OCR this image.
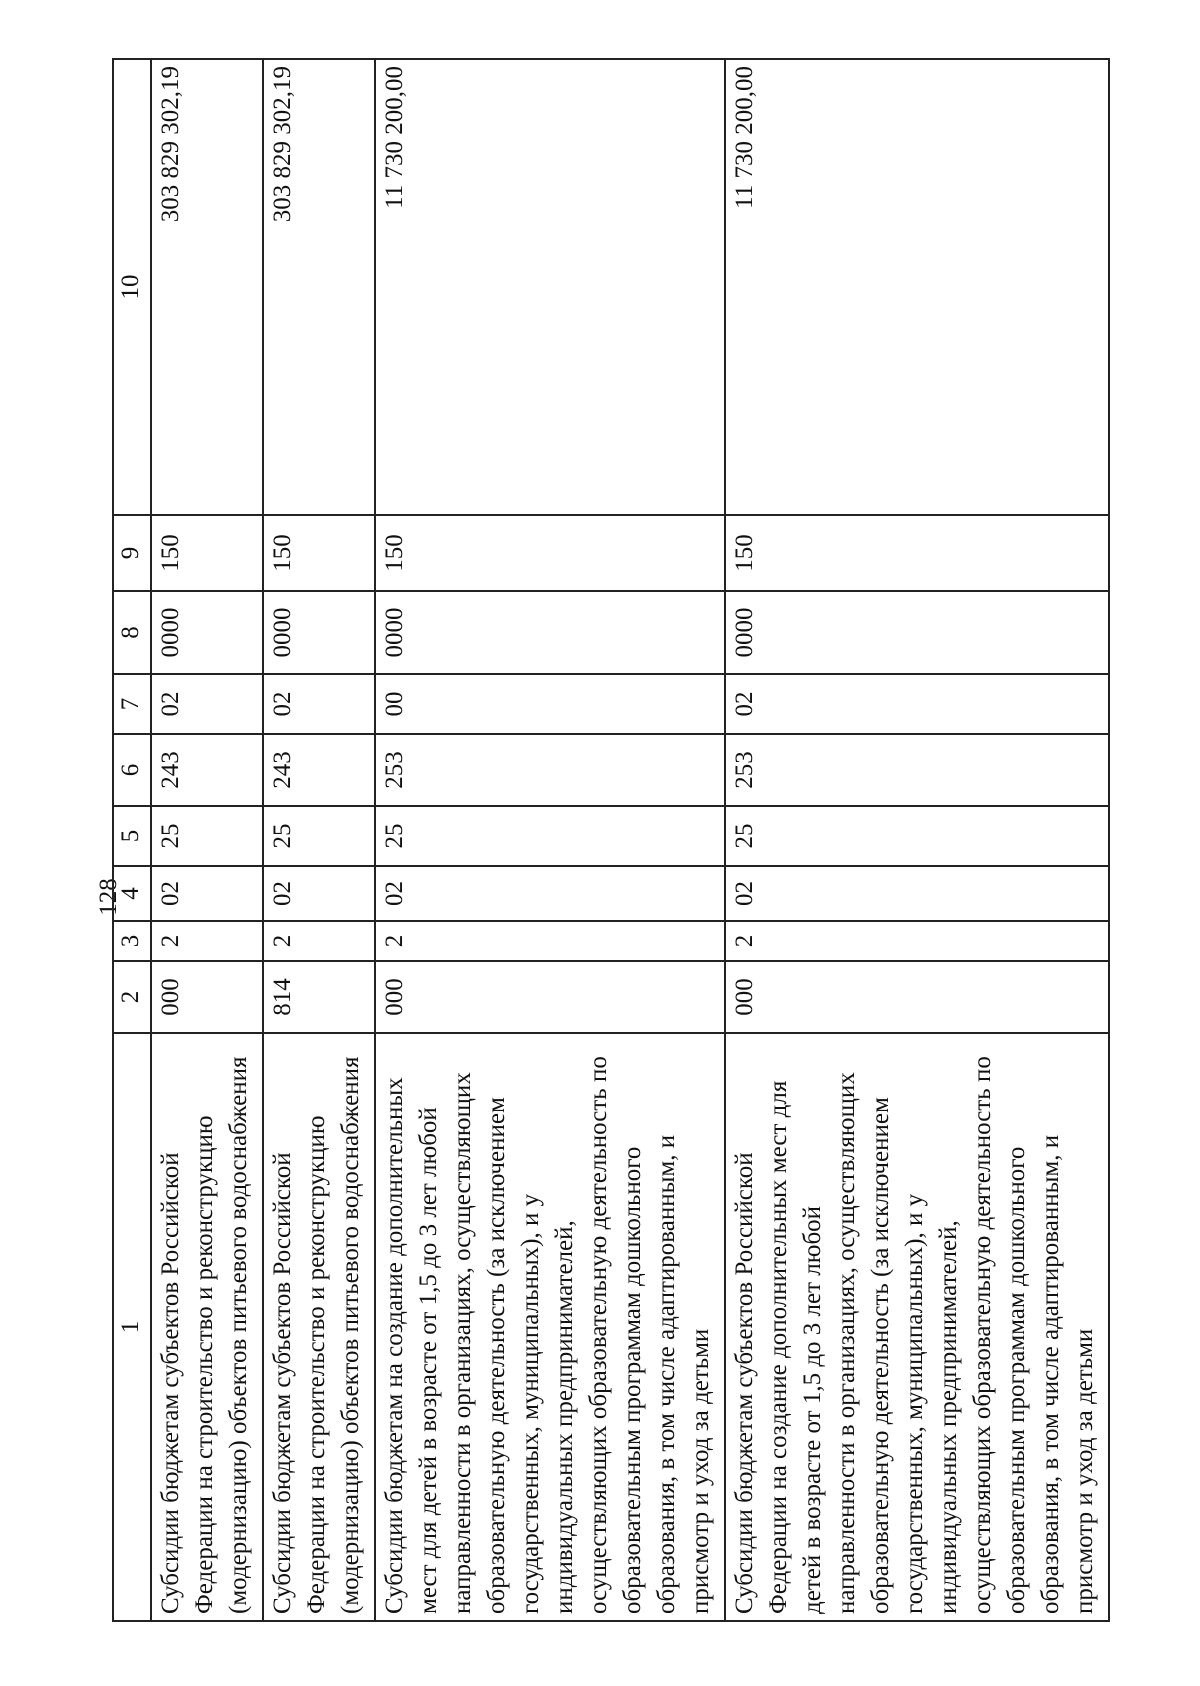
128
1	2	3	4	5	6	7	8	9	10
Субсидии бюджетам субъектов Российской Федерации на строительство и реконструкцию (модернизацию) объектов питьевого водоснабжения	000	2	02	25	243	02	0000	150	303 829 302,19
Субсидии бюджетам субъектов Российской Федерации на строительство и реконструкцию (модернизацию) объектов питьевого водоснабжения	814	2	02	25	243	02	0000	150	303 829 302,19
Субсидии бюджетам на создание дополнительных мест для детей в возрасте от 1,5 до 3 лет любой направленности в организациях, осуществляющих образовательную деятельность (за исключением государственных, муниципальных), и у индивидуальных предпринимателей, осуществляющих образовательную деятельность по образовательным программам дошкольного образования, в том числе адаптированным, и присмотр и уход за детьми	000	2	02	25	253	00	0000	150	11 730 200,00
Субсидии бюджетам субъектов Российской Федерации на создание дополнительных мест для детей в возрасте от 1,5 до 3 лет любой направленности в организациях, осуществляющих образовательную деятельность (за исключением государственных, муниципальных), и у индивидуальных предпринимателей, осуществляющих образовательную деятельность по образовательным программам дошкольного образования, в том числе адаптированным, и присмотр и уход за детьми	000	2	02	25	253	02	0000	150	11 730 200,00
